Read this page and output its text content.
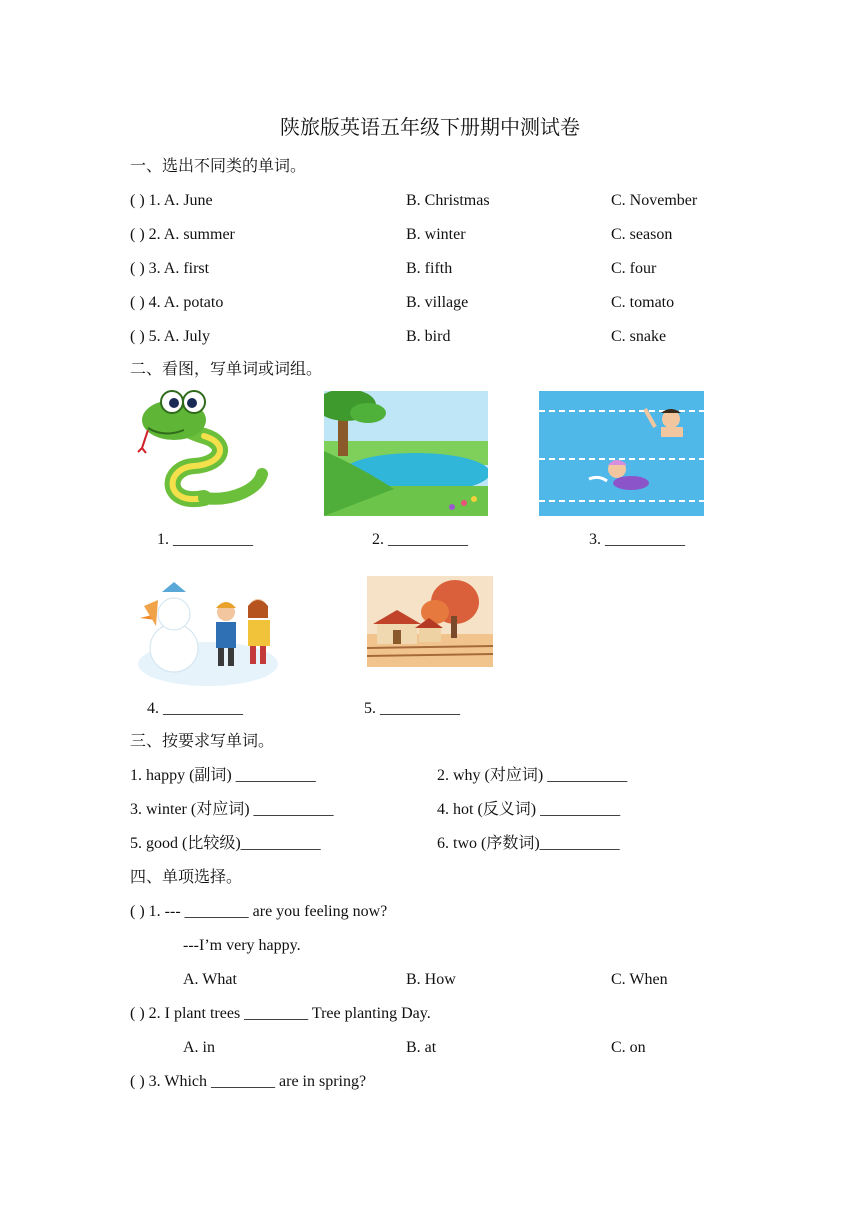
陕旅版英语五年级下册期中测试卷
一、选出不同类的单词。
( ) 1. A. June	B. Christmas	C. November
( ) 2. A. summer	B. winter	C. season
( ) 3. A. first	B. fifth	C. four
( ) 4. A. potato	B. village	C. tomato
( ) 5. A. July	B. bird	C. snake
二、看图，写单词或词组。
1. __________	2. __________	3. __________
4. __________	5. __________
三、按要求写单词。
1. happy (副词) __________	2. why (对应词) __________
3. winter (对应词) __________	4. hot (反义词) __________
5. good (比较级)__________	6. two (序数词)__________
四、单项选择。
( ) 1. --- ________ are you feeling now?
---I’m very happy.
A. What	B. How	C. When
( ) 2. I plant trees ________ Tree planting Day.
A. in	B. at	C. on
( ) 3. Which ________ are in spring?
